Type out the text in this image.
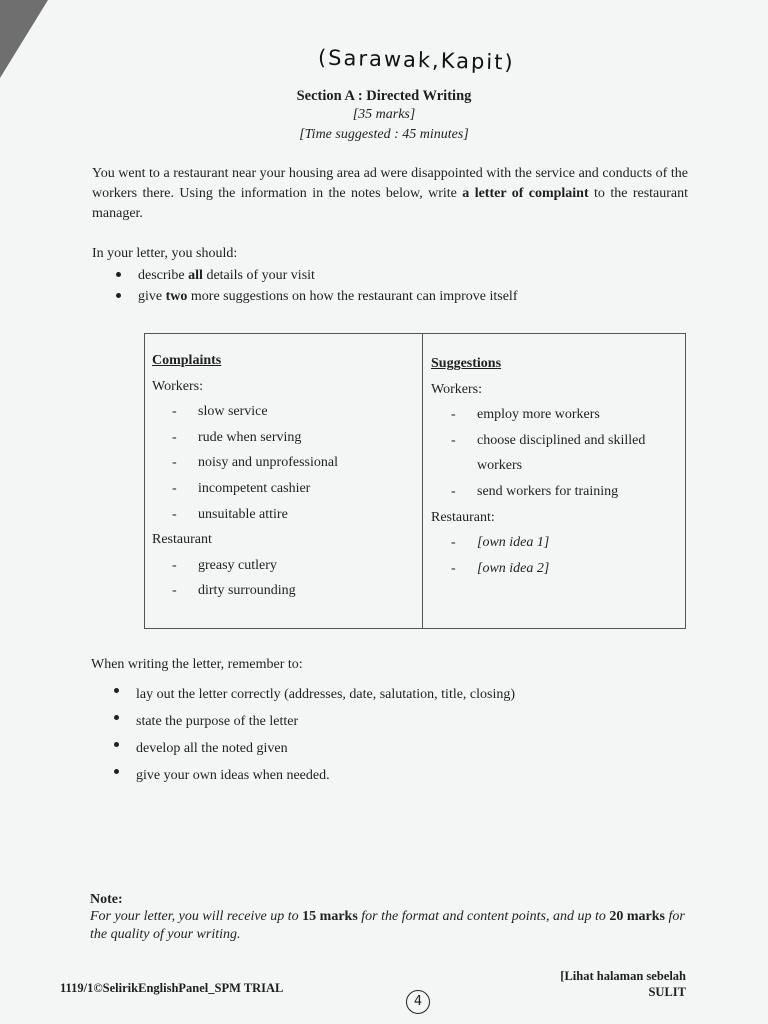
(Sarawak,Kapit)
Section A : Directed Writing
[35 marks]
[Time suggested : 45 minutes]
You went to a restaurant near your housing area ad were disappointed with the service and conducts of the workers there. Using the information in the notes below, write a letter of complaint to the restaurant manager.
In your letter, you should:
describe all details of your visit
give two more suggestions on how the restaurant can improve itself
Complaints
Workers:
- slow service
- rude when serving
- noisy and unprofessional
- incompetent cashier
- unsuitable attire
Restaurant
- greasy cutlery
- dirty surrounding
Suggestions
Workers:
- employ more workers
- choose disciplined and skilled
workers
- send workers for training
Restaurant:
- [own idea 1]
- [own idea 2]
When writing the letter, remember to:
lay out the letter correctly (addresses, date, salutation, title, closing)
state the purpose of the letter
develop all the noted given
give your own ideas when needed.
Note:
For your letter, you will receive up to 15 marks for the format and content points, and up to 20 marks for the quality of your writing.
1119/1©SelirikEnglishPanel_SPM TRIAL
4
[Lihat halaman sebelah
SULIT
